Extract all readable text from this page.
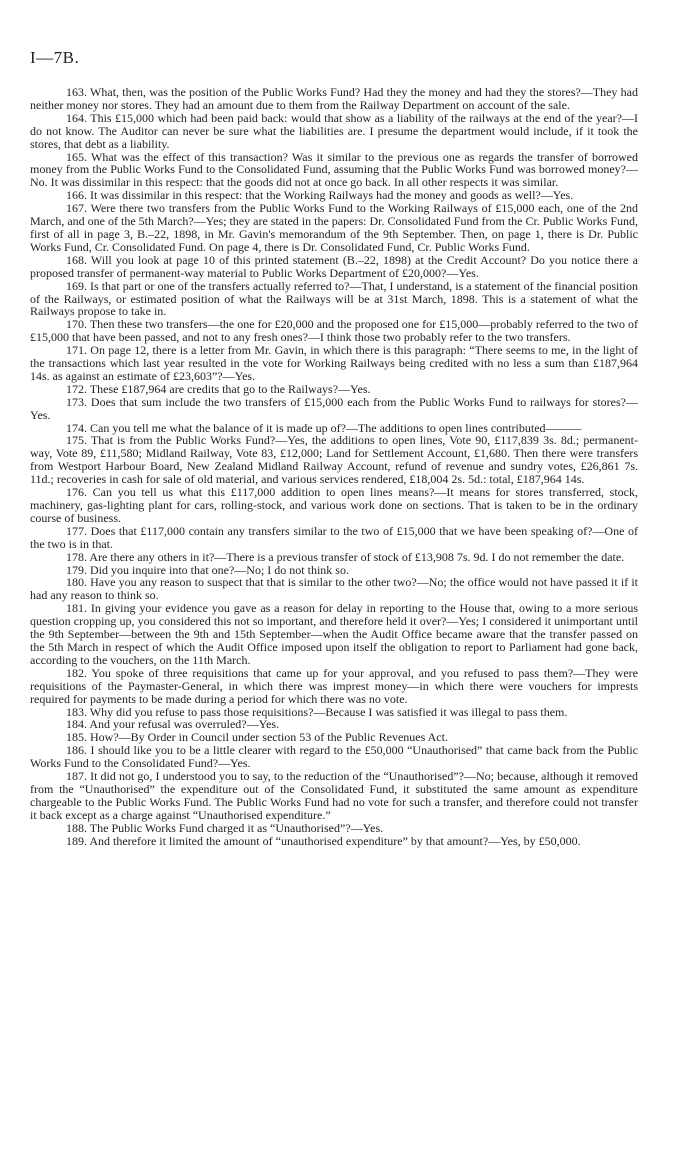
I—7B.

163. What, then, was the position of the Public Works Fund? Had they the money and had they the stores?—They had neither money nor stores. They had an amount due to them from the Railway Department on account of the sale.

164. This £15,000 which had been paid back: would that show as a liability of the railways at the end of the year?—I do not know. The Auditor can never be sure what the liabilities are. I presume the department would include, if it took the stores, that debt as a liability.

165. What was the effect of this transaction? Was it similar to the previous one as regards the transfer of borrowed money from the Public Works Fund to the Consolidated Fund, assuming that the Public Works Fund was borrowed money?—No. It was dissimilar in this respect: that the goods did not at once go back. In all other respects it was similar.

166. It was dissimilar in this respect: that the Working Railways had the money and goods as well?—Yes.

167. Were there two transfers from the Public Works Fund to the Working Railways of £15,000 each, one of the 2nd March, and one of the 5th March?—Yes; they are stated in the papers: Dr. Consolidated Fund from the Cr. Public Works Fund, first of all in page 3, B.–22, 1898, in Mr. Gavin's memorandum of the 9th September. Then, on page 1, there is Dr. Public Works Fund, Cr. Consolidated Fund. On page 4, there is Dr. Consolidated Fund, Cr. Public Works Fund.

168. Will you look at page 10 of this printed statement (B.–22, 1898) at the Credit Account? Do you notice there a proposed transfer of permanent-way material to Public Works Department of £20,000?—Yes.

169. Is that part or one of the transfers actually referred to?—That, I understand, is a statement of the financial position of the Railways, or estimated position of what the Railways will be at 31st March, 1898. This is a statement of what the Railways propose to take in.

170. Then these two transfers—the one for £20,000 and the proposed one for £15,000—probably referred to the two of £15,000 that have been passed, and not to any fresh ones?—I think those two probably refer to the two transfers.

171. On page 12, there is a letter from Mr. Gavin, in which there is this paragraph: “There seems to me, in the light of the transactions which last year resulted in the vote for Working Railways being credited with no less a sum than £187,964 14s. as against an estimate of £23,603”?—Yes.

172. These £187,964 are credits that go to the Railways?—Yes.

173. Does that sum include the two transfers of £15,000 each from the Public Works Fund to railways for stores?—Yes.

174. Can you tell me what the balance of it is made up of?—The additions to open lines contributed———

175. That is from the Public Works Fund?—Yes, the additions to open lines, Vote 90, £117,839 3s. 8d.; permanent-way, Vote 89, £11,580; Midland Railway, Vote 83, £12,000; Land for Settlement Account, £1,680. Then there were transfers from Westport Harbour Board, New Zealand Midland Railway Account, refund of revenue and sundry votes, £26,861 7s. 11d.; recoveries in cash for sale of old material, and various services rendered, £18,004 2s. 5d.: total, £187,964 14s.

176. Can you tell us what this £117,000 addition to open lines means?—It means for stores transferred, stock, machinery, gas-lighting plant for cars, rolling-stock, and various work done on sections. That is taken to be in the ordinary course of business.

177. Does that £117,000 contain any transfers similar to the two of £15,000 that we have been speaking of?—One of the two is in that.

178. Are there any others in it?—There is a previous transfer of stock of £13,908 7s. 9d. I do not remember the date.

179. Did you inquire into that one?—No; I do not think so.

180. Have you any reason to suspect that that is similar to the other two?—No; the office would not have passed it if it had any reason to think so.

181. In giving your evidence you gave as a reason for delay in reporting to the House that, owing to a more serious question cropping up, you considered this not so important, and therefore held it over?—Yes; I considered it unimportant until the 9th September—between the 9th and 15th September—when the Audit Office became aware that the transfer passed on the 5th March in respect of which the Audit Office imposed upon itself the obligation to report to Parliament had gone back, according to the vouchers, on the 11th March.

182. You spoke of three requisitions that came up for your approval, and you refused to pass them?—They were requisitions of the Paymaster-General, in which there was imprest money—in which there were vouchers for imprests required for payments to be made during a period for which there was no vote.

183. Why did you refuse to pass those requisitions?—Because I was satisfied it was illegal to pass them.

184. And your refusal was overruled?—Yes.

185. How?—By Order in Council under section 53 of the Public Revenues Act.

186. I should like you to be a little clearer with regard to the £50,000 “Unauthorised” that came back from the Public Works Fund to the Consolidated Fund?—Yes.

187. It did not go, I understood you to say, to the reduction of the “Unauthorised”?—No; because, although it removed from the “Unauthorised” the expenditure out of the Consolidated Fund, it substituted the same amount as expenditure chargeable to the Public Works Fund. The Public Works Fund had no vote for such a transfer, and therefore could not transfer it back except as a charge against “Unauthorised expenditure.”

188. The Public Works Fund charged it as “Unauthorised”?—Yes.

189. And therefore it limited the amount of “unauthorised expenditure” by that amount?—Yes, by £50,000.
